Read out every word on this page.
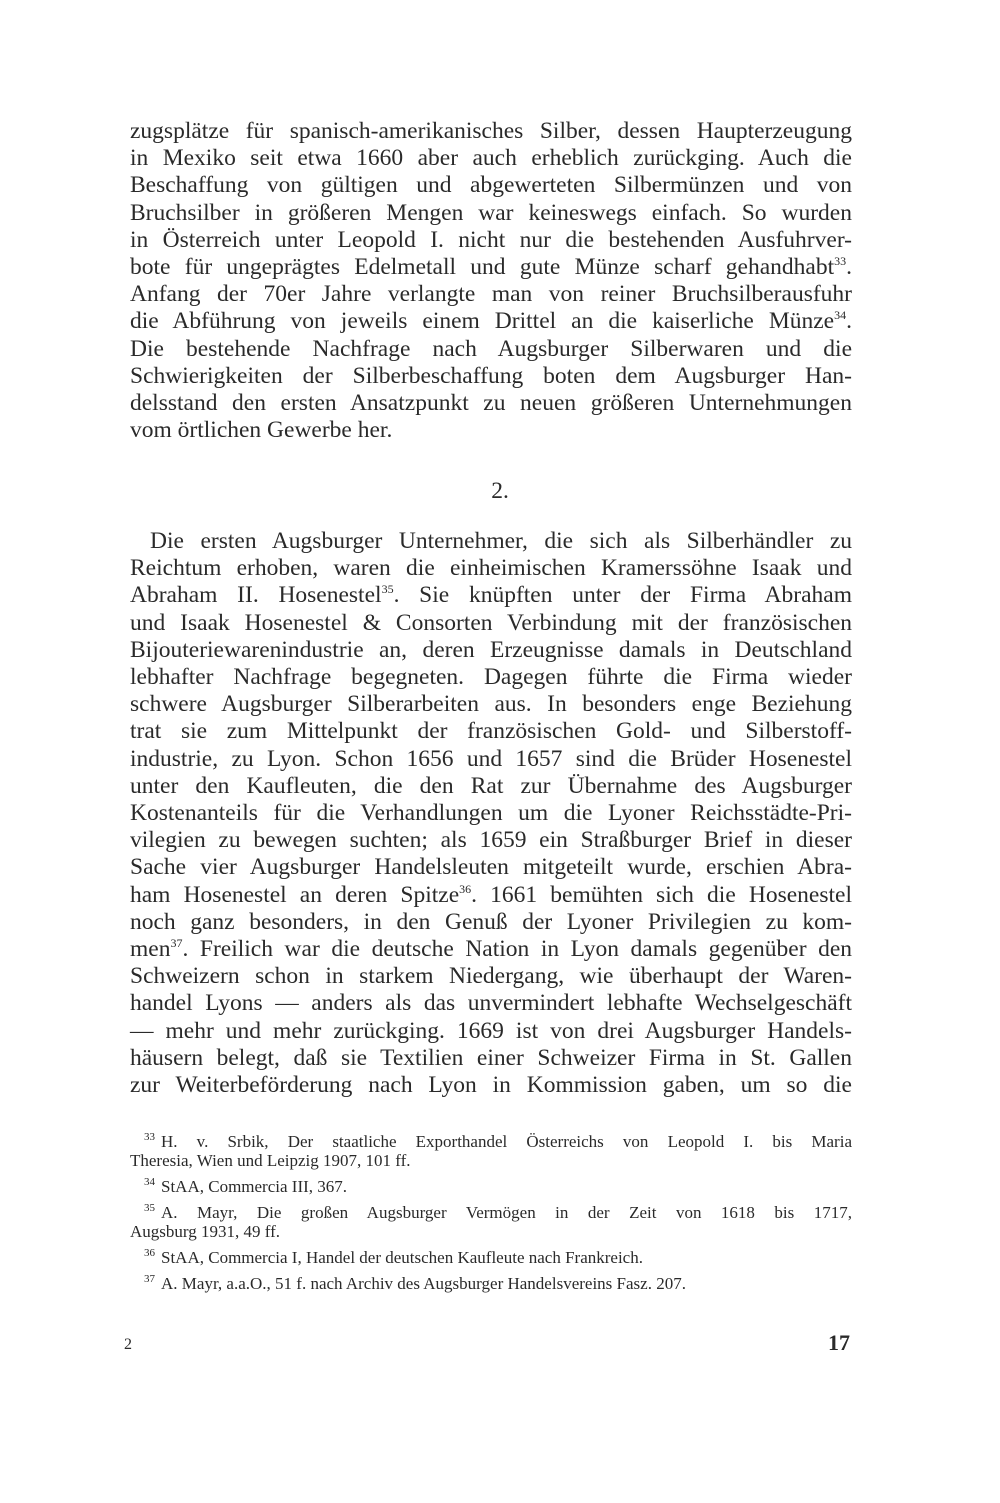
zugsplätze für spanisch-amerikanisches Silber, dessen Haupterzeugung
in Mexiko seit etwa 1660 aber auch erheblich zurückging. Auch die
Beschaffung von gültigen und abgewerteten Silbermünzen und von
Bruchsilber in größeren Mengen war keineswegs einfach. So wurden
in Österreich unter Leopold I. nicht nur die bestehenden Ausfuhrver-
bote für ungeprägtes Edelmetall und gute Münze scharf gehandhabt$^{33}$.
Anfang der 70er Jahre verlangte man von reiner Bruchsilberausfuhr
die Abführung von jeweils einem Drittel an die kaiserliche Münze$^{34}$.
Die bestehende Nachfrage nach Augsburger Silberwaren und die
Schwierigkeiten der Silberbeschaffung boten dem Augsburger Han-
delsstand den ersten Ansatzpunkt zu neuen größeren Unternehmungen
vom örtlichen Gewerbe her.
2.
Die ersten Augsburger Unternehmer, die sich als Silberhändler zu
Reichtum erhoben, waren die einheimischen Kramerssöhne Isaak und
Abraham II. Hosenestel$^{35}$. Sie knüpften unter der Firma Abraham
und Isaak Hosenestel & Consorten Verbindung mit der französischen
Bijouteriewarenindustrie an, deren Erzeugnisse damals in Deutschland
lebhafter Nachfrage begegneten. Dagegen führte die Firma wieder
schwere Augsburger Silberarbeiten aus. In besonders enge Beziehung
trat sie zum Mittelpunkt der französischen Gold- und Silberstoff-
industrie, zu Lyon. Schon 1656 und 1657 sind die Brüder Hosenestel
unter den Kaufleuten, die den Rat zur Übernahme des Augsburger
Kostenanteils für die Verhandlungen um die Lyoner Reichsstädte-Pri-
vilegien zu bewegen suchten; als 1659 ein Straßburger Brief in dieser
Sache vier Augsburger Handelsleuten mitgeteilt wurde, erschien Abra-
ham Hosenestel an deren Spitze$^{36}$. 1661 bemühten sich die Hosenestel
noch ganz besonders, in den Genuß der Lyoner Privilegien zu kom-
men$^{37}$. Freilich war die deutsche Nation in Lyon damals gegenüber den
Schweizern schon in starkem Niedergang, wie überhaupt der Waren-
handel Lyons — anders als das unvermindert lebhafte Wechselgeschäft
— mehr und mehr zurückging. 1669 ist von drei Augsburger Handels-
häusern belegt, daß sie Textilien einer Schweizer Firma in St. Gallen
zur Weiterbeförderung nach Lyon in Kommission gaben, um so die
$^{33}$ H. v. Srbik, Der staatliche Exporthandel Österreichs von Leopold I. bis Maria
Theresia, Wien und Leipzig 1907, 101 ff.
$^{34}$ StAA, Commercia III, 367.
$^{35}$ A. Mayr, Die großen Augsburger Vermögen in der Zeit von 1618 bis 1717,
Augsburg 1931, 49 ff.
$^{36}$ StAA, Commercia I, Handel der deutschen Kaufleute nach Frankreich.
$^{37}$ A. Mayr, a.a.O., 51 f. nach Archiv des Augsburger Handelsvereins Fasz. 207.
2	17
